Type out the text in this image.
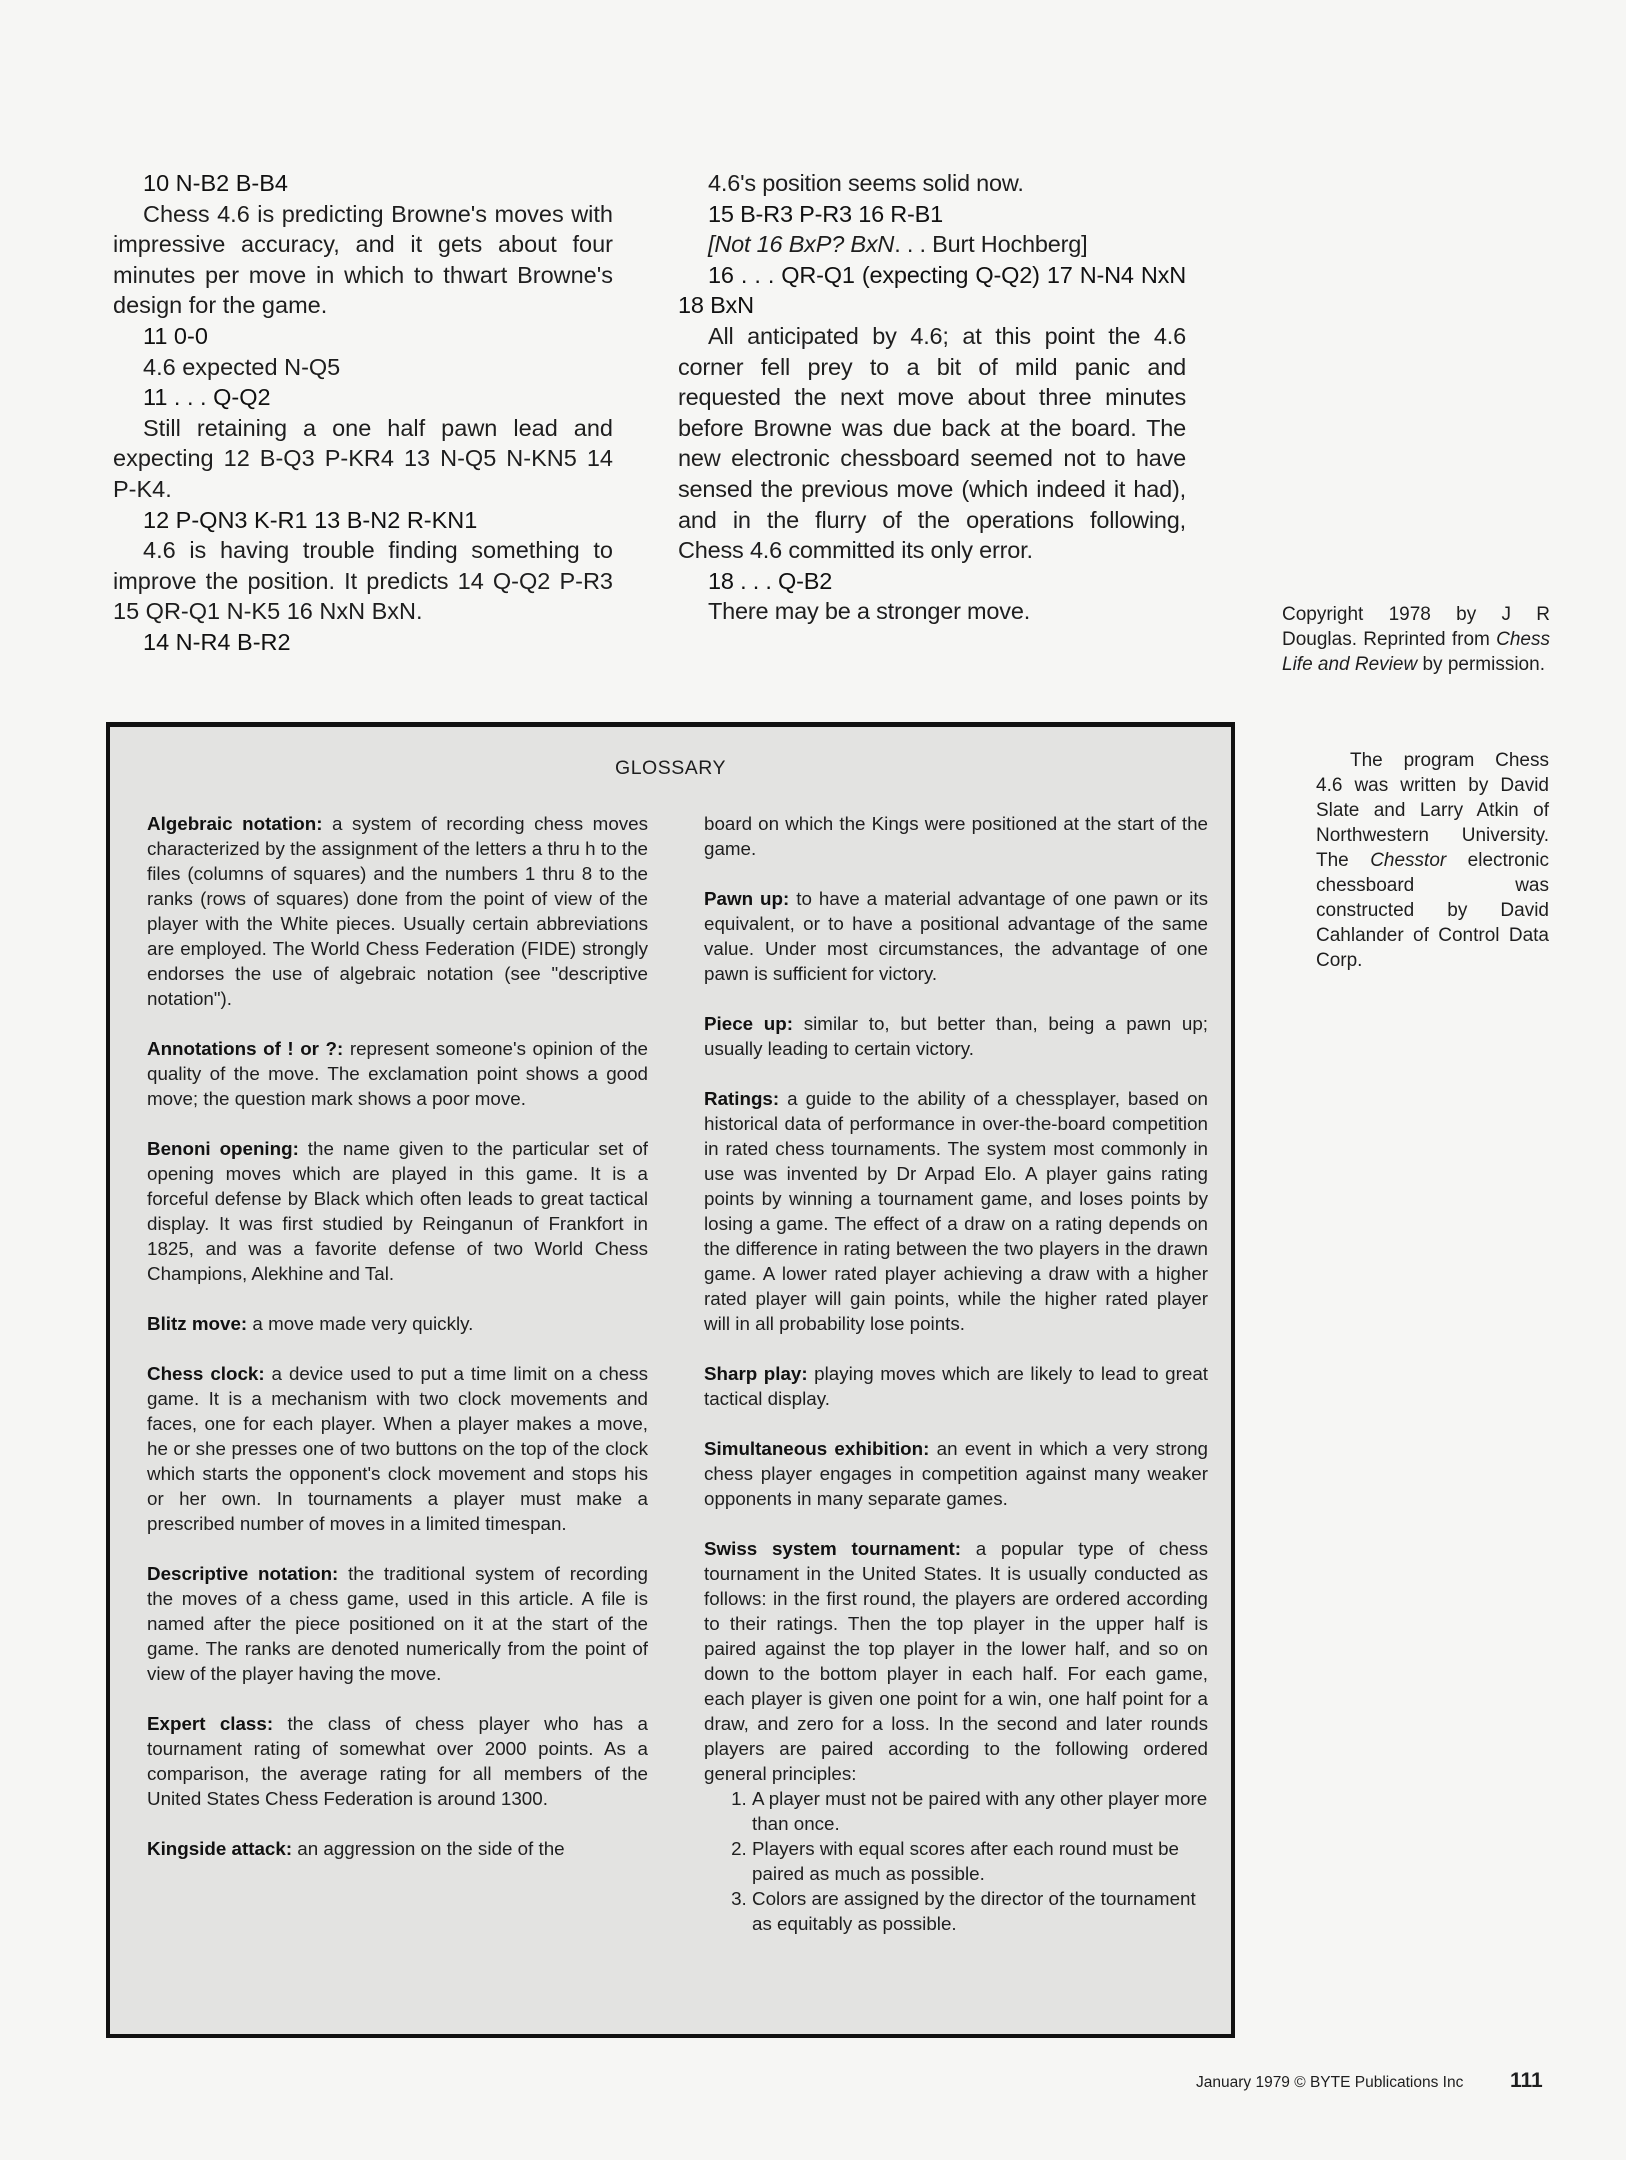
10 N-B2 B-B4

Chess 4.6 is predicting Browne's moves with impressive accuracy, and it gets about four minutes per move in which to thwart Browne's design for the game.

11 0-0

4.6 expected N-Q5

11 . . . Q-Q2

Still retaining a one half pawn lead and expecting 12 B-Q3 P-KR4 13 N-Q5 N-KN5 14 P-K4.

12 P-QN3 K-R1 13 B-N2 R-KN1

4.6 is having trouble finding something to improve the position. It predicts 14 Q-Q2 P-R3 15 QR-Q1 N-K5 16 NxN BxN.

14 N-R4 B-R2

4.6's position seems solid now.

15 B-R3 P-R3 16 R-B1

[Not 16 BxP? BxN. . . Burt Hochberg]

16 . . . QR-Q1 (expecting Q-Q2) 17 N-N4 NxN 18 BxN

All anticipated by 4.6; at this point the 4.6 corner fell prey to a bit of mild panic and requested the next move about three minutes before Browne was due back at the board. The new electronic chessboard seemed not to have sensed the previous move (which indeed it had), and in the flurry of the operations following, Chess 4.6 committed its only error.

18 . . . Q-B2

There may be a stronger move.	Copyright 1978 by J R Douglas. Reprinted from Chess Life and Review by permission.
GLOSSARY
Algebraic notation: a system of recording chess moves characterized by the assignment of the letters a thru h to the files (columns of squares) and the numbers 1 thru 8 to the ranks (rows of squares) done from the point of view of the player with the White pieces. Usually certain abbreviations are employed. The World Chess Federation (FIDE) strongly endorses the use of algebraic notation (see "descriptive notation").
Annotations of ! or ?: represent someone's opinion of the quality of the move. The exclamation point shows a good move; the question mark shows a poor move.
Benoni opening: the name given to the particular set of opening moves which are played in this game. It is a forceful defense by Black which often leads to great tactical display. It was first studied by Reinganun of Frankfort in 1825, and was a favorite defense of two World Chess Champions, Alekhine and Tal.
Blitz move: a move made very quickly.
Chess clock: a device used to put a time limit on a chess game. It is a mechanism with two clock movements and faces, one for each player. When a player makes a move, he or she presses one of two buttons on the top of the clock which starts the opponent's clock movement and stops his or her own. In tournaments a player must make a prescribed number of moves in a limited timespan.
Descriptive notation: the traditional system of recording the moves of a chess game, used in this article. A file is named after the piece positioned on it at the start of the game. The ranks are denoted numerically from the point of view of the player having the move.
Expert class: the class of chess player who has a tournament rating of somewhat over 2000 points. As a comparison, the average rating for all members of the United States Chess Federation is around 1300.
Kingside attack: an aggression on the side of the
board on which the Kings were positioned at the start of the game.
Pawn up: to have a material advantage of one pawn or its equivalent, or to have a positional advantage of the same value. Under most circumstances, the advantage of one pawn is sufficient for victory.
Piece up: similar to, but better than, being a pawn up; usually leading to certain victory.
Ratings: a guide to the ability of a chessplayer, based on historical data of performance in over-the-board competition in rated chess tournaments. The system most commonly in use was invented by Dr Arpad Elo. A player gains rating points by winning a tournament game, and loses points by losing a game. The effect of a draw on a rating depends on the difference in rating between the two players in the drawn game. A lower rated player achieving a draw with a higher rated player will gain points, while the higher rated player will in all probability lose points.
Sharp play: playing moves which are likely to lead to great tactical display.
Simultaneous exhibition: an event in which a very strong chess player engages in competition against many weaker opponents in many separate games.
Swiss system tournament: a popular type of chess tournament in the United States. It is usually conducted as follows: in the first round, the players are ordered according to their ratings. Then the top player in the upper half is paired against the top player in the lower half, and so on down to the bottom player in each half. For each game, each player is given one point for a win, one half point for a draw, and zero for a loss. In the second and later rounds players are paired according to the following ordered general principles:
1. A player must not be paired with any other player more than once.
2. Players with equal scores after each round must be paired as much as possible.
3. Colors are assigned by the director of the tournament as equitably as possible.

The program Chess 4.6 was written by David Slate and Larry Atkin of Northwestern University. The Chesstor electronic chessboard was constructed by David Cahlander of Control Data Corp.

January 1979 © BYTE Publications Inc 111
